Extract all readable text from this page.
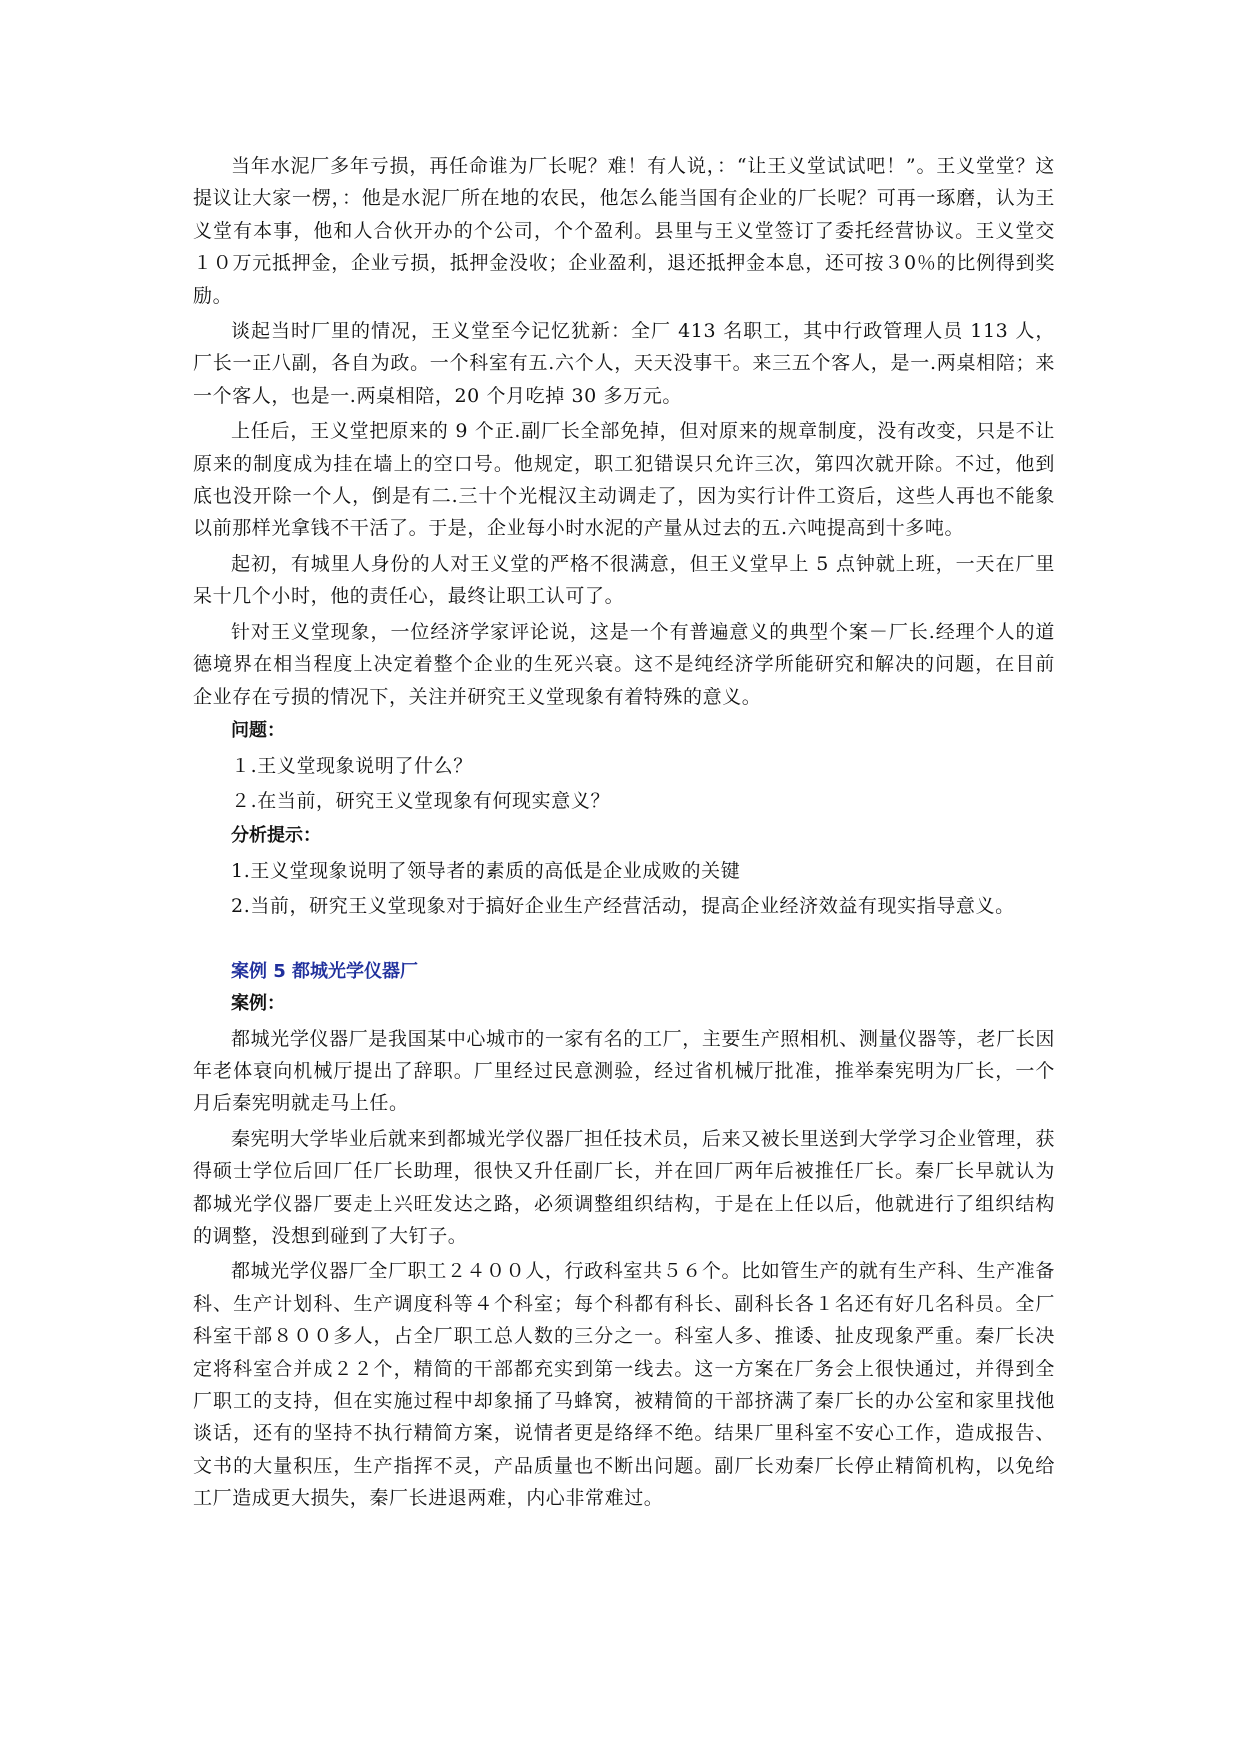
当年水泥厂多年亏损，再任命谁为厂长呢？难！有人说，：“让王义堂试试吧！”。王义堂堂？这提议让大家一楞，：他是水泥厂所在地的农民，他怎么能当国有企业的厂长呢？可再一琢磨，认为王义堂有本事，他和人合伙开办的个公司，个个盈利。县里与王义堂签订了委托经营协议。王义堂交１０万元抵押金，企业亏损，抵押金没收；企业盈利，退还抵押金本息，还可按３0％的比例得到奖励。

谈起当时厂里的情况，王义堂至今记忆犹新：全厂 413 名职工，其中行政管理人员 113 人，厂长一正八副，各自为政。一个科室有五.六个人，天天没事干。来三五个客人，是一.两桌相陪；来一个客人，也是一.两桌相陪，20 个月吃掉 30 多万元。

上任后，王义堂把原来的 9 个正.副厂长全部免掉，但对原来的规章制度，没有改变，只是不让原来的制度成为挂在墙上的空口号。他规定，职工犯错误只允许三次，第四次就开除。不过，他到底也没开除一个人，倒是有二.三十个光棍汉主动调走了，因为实行计件工资后，这些人再也不能象以前那样光拿钱不干活了。于是，企业每小时水泥的产量从过去的五.六吨提高到十多吨。

起初，有城里人身份的人对王义堂的严格不很满意，但王义堂早上 5 点钟就上班，一天在厂里呆十几个小时，他的责任心，最终让职工认可了。

针对王义堂现象，一位经济学家评论说，这是一个有普遍意义的典型个案－厂长.经理个人的道德境界在相当程度上决定着整个企业的生死兴衰。这不是纯经济学所能研究和解决的问题，在目前企业存在亏损的情况下，关注并研究王义堂现象有着特殊的意义。

问题：
１.王义堂现象说明了什么？
２.在当前，研究王义堂现象有何现实意义？
分析提示：

1.王义堂现象说明了领导者的素质的高低是企业成败的关键

2.当前，研究王义堂现象对于搞好企业生产经营活动，提高企业经济效益有现实指导意义。

案例 5 都城光学仪器厂
案例：

都城光学仪器厂是我国某中心城市的一家有名的工厂，主要生产照相机、测量仪器等，老厂长因年老体衰向机械厅提出了辞职。厂里经过民意测验，经过省机械厅批准，推举秦宪明为厂长，一个月后秦宪明就走马上任。

秦宪明大学毕业后就来到都城光学仪器厂担任技术员，后来又被长里送到大学学习企业管理，获得硕士学位后回厂任厂长助理，很快又升任副厂长，并在回厂两年后被推任厂长。秦厂长早就认为都城光学仪器厂要走上兴旺发达之路，必须调整组织结构，于是在上任以后，他就进行了组织结构的调整，没想到碰到了大钉子。

都城光学仪器厂全厂职工２４００人，行政科室共５６个。比如管生产的就有生产科、生产准备科、生产计划科、生产调度科等４个科室；每个科都有科长、副科长各１名还有好几名科员。全厂科室干部８００多人，占全厂职工总人数的三分之一。科室人多、推诿、扯皮现象严重。秦厂长决定将科室合并成２２个，精简的干部都充实到第一线去。这一方案在厂务会上很快通过，并得到全厂职工的支持，但在实施过程中却象捅了马蜂窝，被精简的干部挤满了秦厂长的办公室和家里找他谈话，还有的坚持不执行精简方案，说情者更是络绎不绝。结果厂里科室不安心工作，造成报告、文书的大量积压，生产指挥不灵，产品质量也不断出问题。副厂长劝秦厂长停止精简机构，以免给工厂造成更大损失，秦厂长进退两难，内心非常难过。
